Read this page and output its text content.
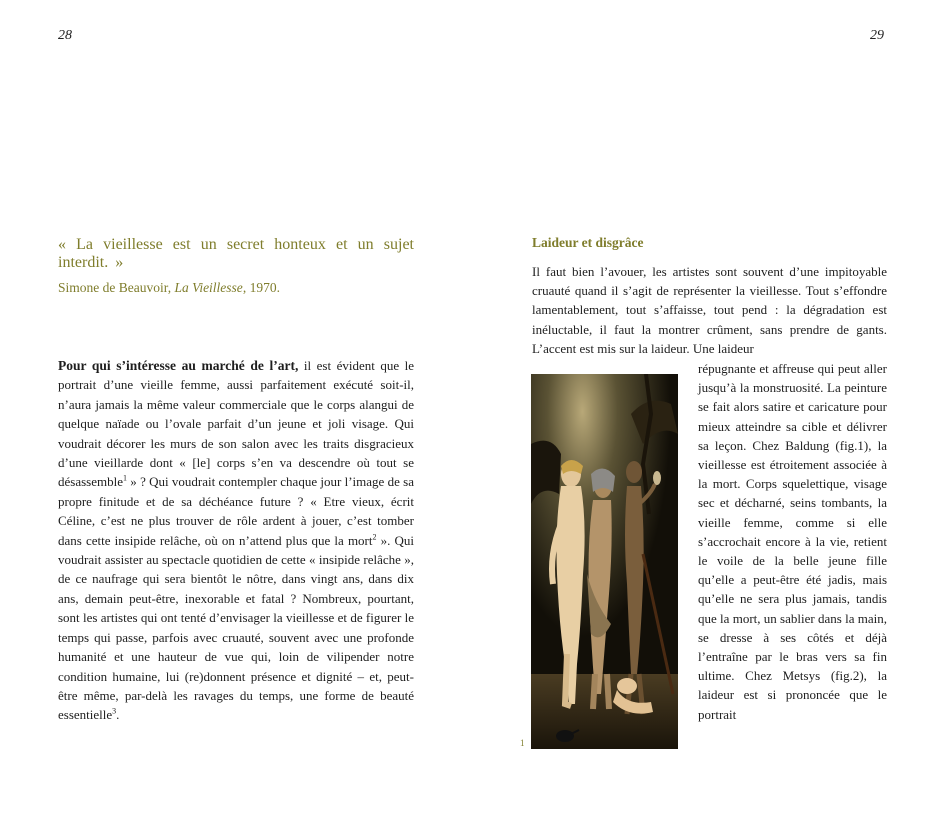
28	29

« La vieillesse est un secret honteux et un sujet interdit. »

Simone de Beauvoir, La Vieillesse, 1970.

Pour qui s’intéresse au marché de l’art, il est évident que le portrait d’une vieille femme, aussi parfaitement exécuté soit-il, n’aura jamais la même valeur commerciale que le corps alangui de quelque naïade ou l’ovale parfait d’un jeune et joli visage. Qui voudrait décorer les murs de son salon avec les traits disgracieux d’une vieillarde dont « [le] corps s’en va descendre où tout se désassemble$^1$ » ? Qui voudrait contempler chaque jour l’image de sa propre finitude et de sa déchéance future ? « Etre vieux, écrit Céline, c’est ne plus trouver de rôle ardent à jouer, c’est tomber dans cette insipide relâche, où on n’attend plus que la mort$^2$ ». Qui voudrait assister au spectacle quotidien de cette « insipide relâche », de ce naufrage qui sera bientôt le nôtre, dans vingt ans, dans dix ans, demain peut-être, inexorable et fatal ? Nombreux, pourtant, sont les artistes qui ont tenté d’envisager la vieillesse et de figurer le temps qui passe, parfois avec cruauté, souvent avec une profonde humanité et une hauteur de vue qui, loin de vilipender notre condition humaine, lui (re)donnent présence et dignité – et, peut-être même, par-delà les ravages du temps, une forme de beauté essentielle$^3$.

Laideur et disgrâce

Il faut bien l’avouer, les artistes sont souvent d’une impitoyable cruauté quand il s’agit de représenter la vieillesse. Tout s’effondre lamentablement, tout s’affaisse, tout pend : la dégradation est inéluctable, il faut la montrer crûment, sans prendre de gants. L’accent est mis sur la laideur. Une laideur

répugnante et affreuse qui peut aller jusqu’à la monstruosité. La peinture se fait alors satire et caricature pour mieux atteindre sa cible et délivrer sa leçon. Chez Baldung (fig.1), la vieillesse est étroitement associée à la mort. Corps squelettique, visage sec et décharné, seins tombants, la vieille femme, comme si elle s’accrochait encore à la vie, retient le voile de la belle jeune fille qu’elle a peut-être été jadis, mais qu’elle ne sera plus jamais, tandis que la mort, un sablier dans la main, se dresse à ses côtés et déjà l’entraîne par le bras vers sa fin ultime. Chez Metsys (fig.2), la laideur est si prononcée que le portrait

1
